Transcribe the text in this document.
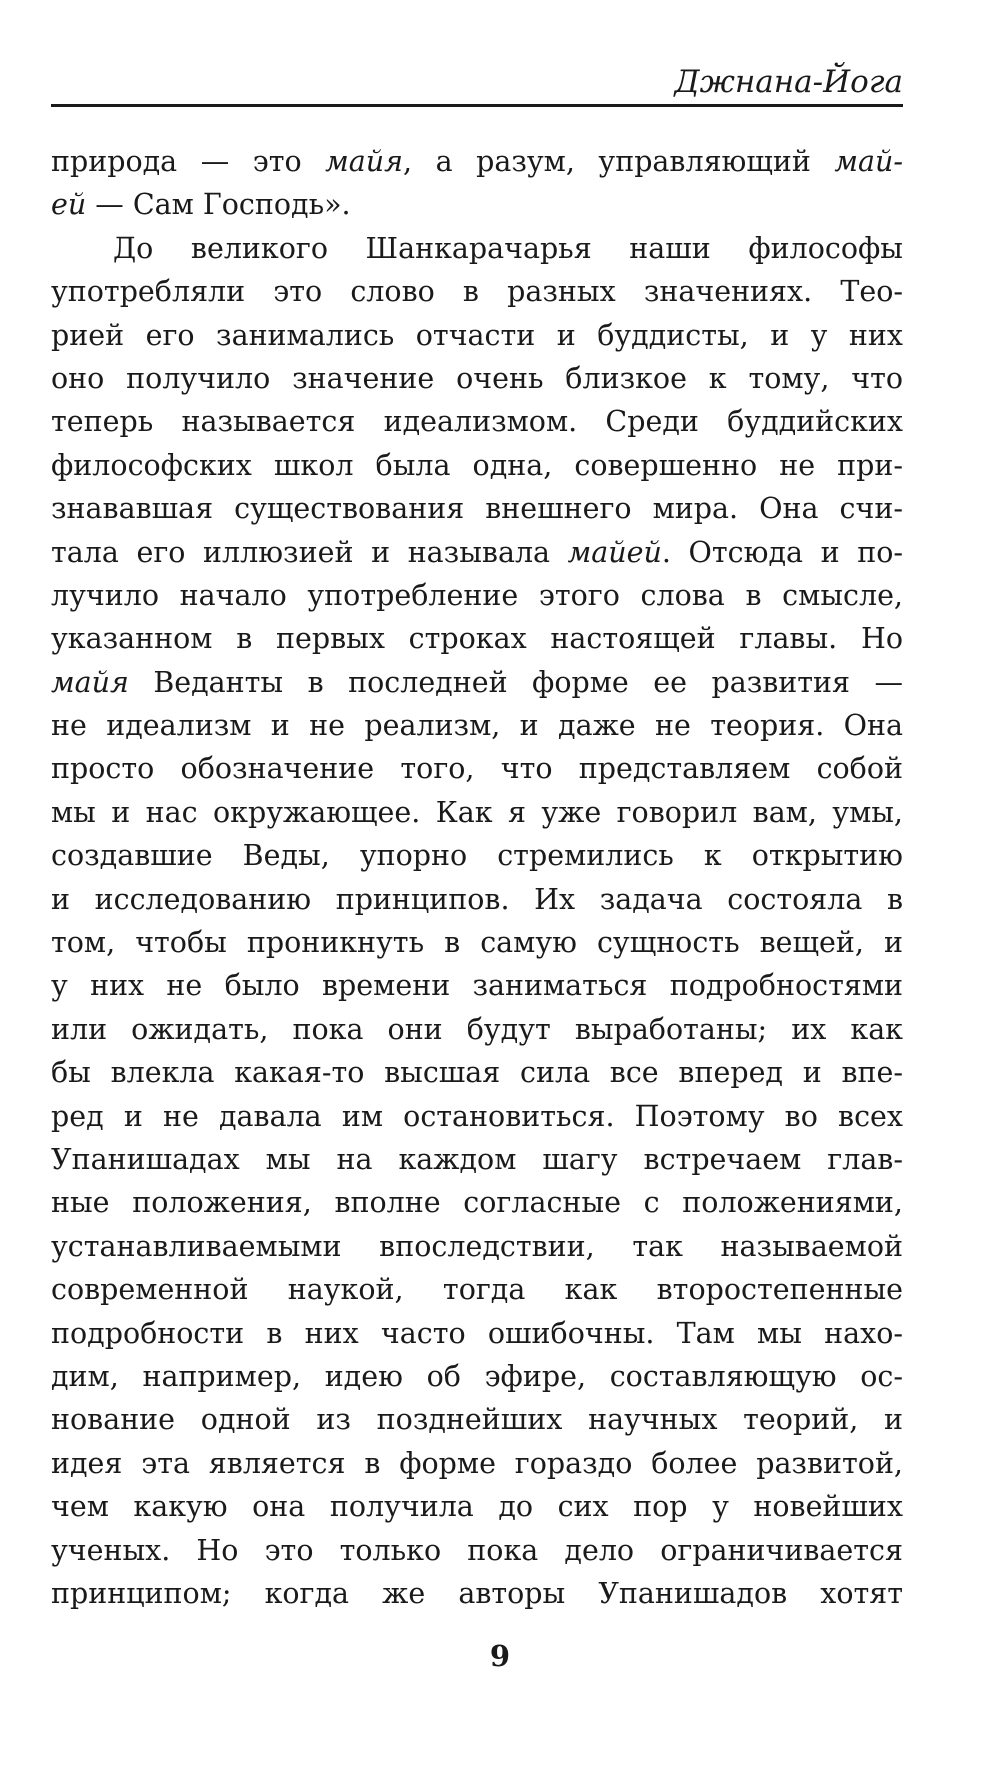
Джнана-Йога
природа — это майя, а разум, управляющий май-
ей — Сам Господь».
До великого Шанкарачарья наши философы
употребляли это слово в разных значениях. Тео-
рией его занимались отчасти и буддисты, и у них
оно получило значение очень близкое к тому, что
теперь называется идеализмом. Среди буддийских
философских школ была одна, совершенно не при-
знававшая существования внешнего мира. Она счи-
тала его иллюзией и называла майей. Отсюда и по-
лучило начало употребление этого слова в смысле,
указанном в первых строках настоящей главы. Но
майя Веданты в последней форме ее развития —
не идеализм и не реализм, и даже не теория. Она
просто обозначение того, что представляем собой
мы и нас окружающее. Как я уже говорил вам, умы,
создавшие Веды, упорно стремились к открытию
и исследованию принципов. Их задача состояла в
том, чтобы проникнуть в самую сущность вещей, и
у них не было времени заниматься подробностями
или ожидать, пока они будут выработаны; их как
бы влекла какая-то высшая сила все вперед и впе-
ред и не давала им остановиться. Поэтому во всех
Упанишадах мы на каждом шагу встречаем глав-
ные положения, вполне согласные с положениями,
устанавливаемыми впоследствии, так называемой
современной наукой, тогда как второстепенные
подробности в них часто ошибочны. Там мы нахо-
дим, например, идею об эфире, составляющую ос-
нование одной из позднейших научных теорий, и
идея эта является в форме гораздо более развитой,
чем какую она получила до сих пор у новейших
ученых. Но это только пока дело ограничивается
принципом; когда же авторы Упанишадов хотят
9
